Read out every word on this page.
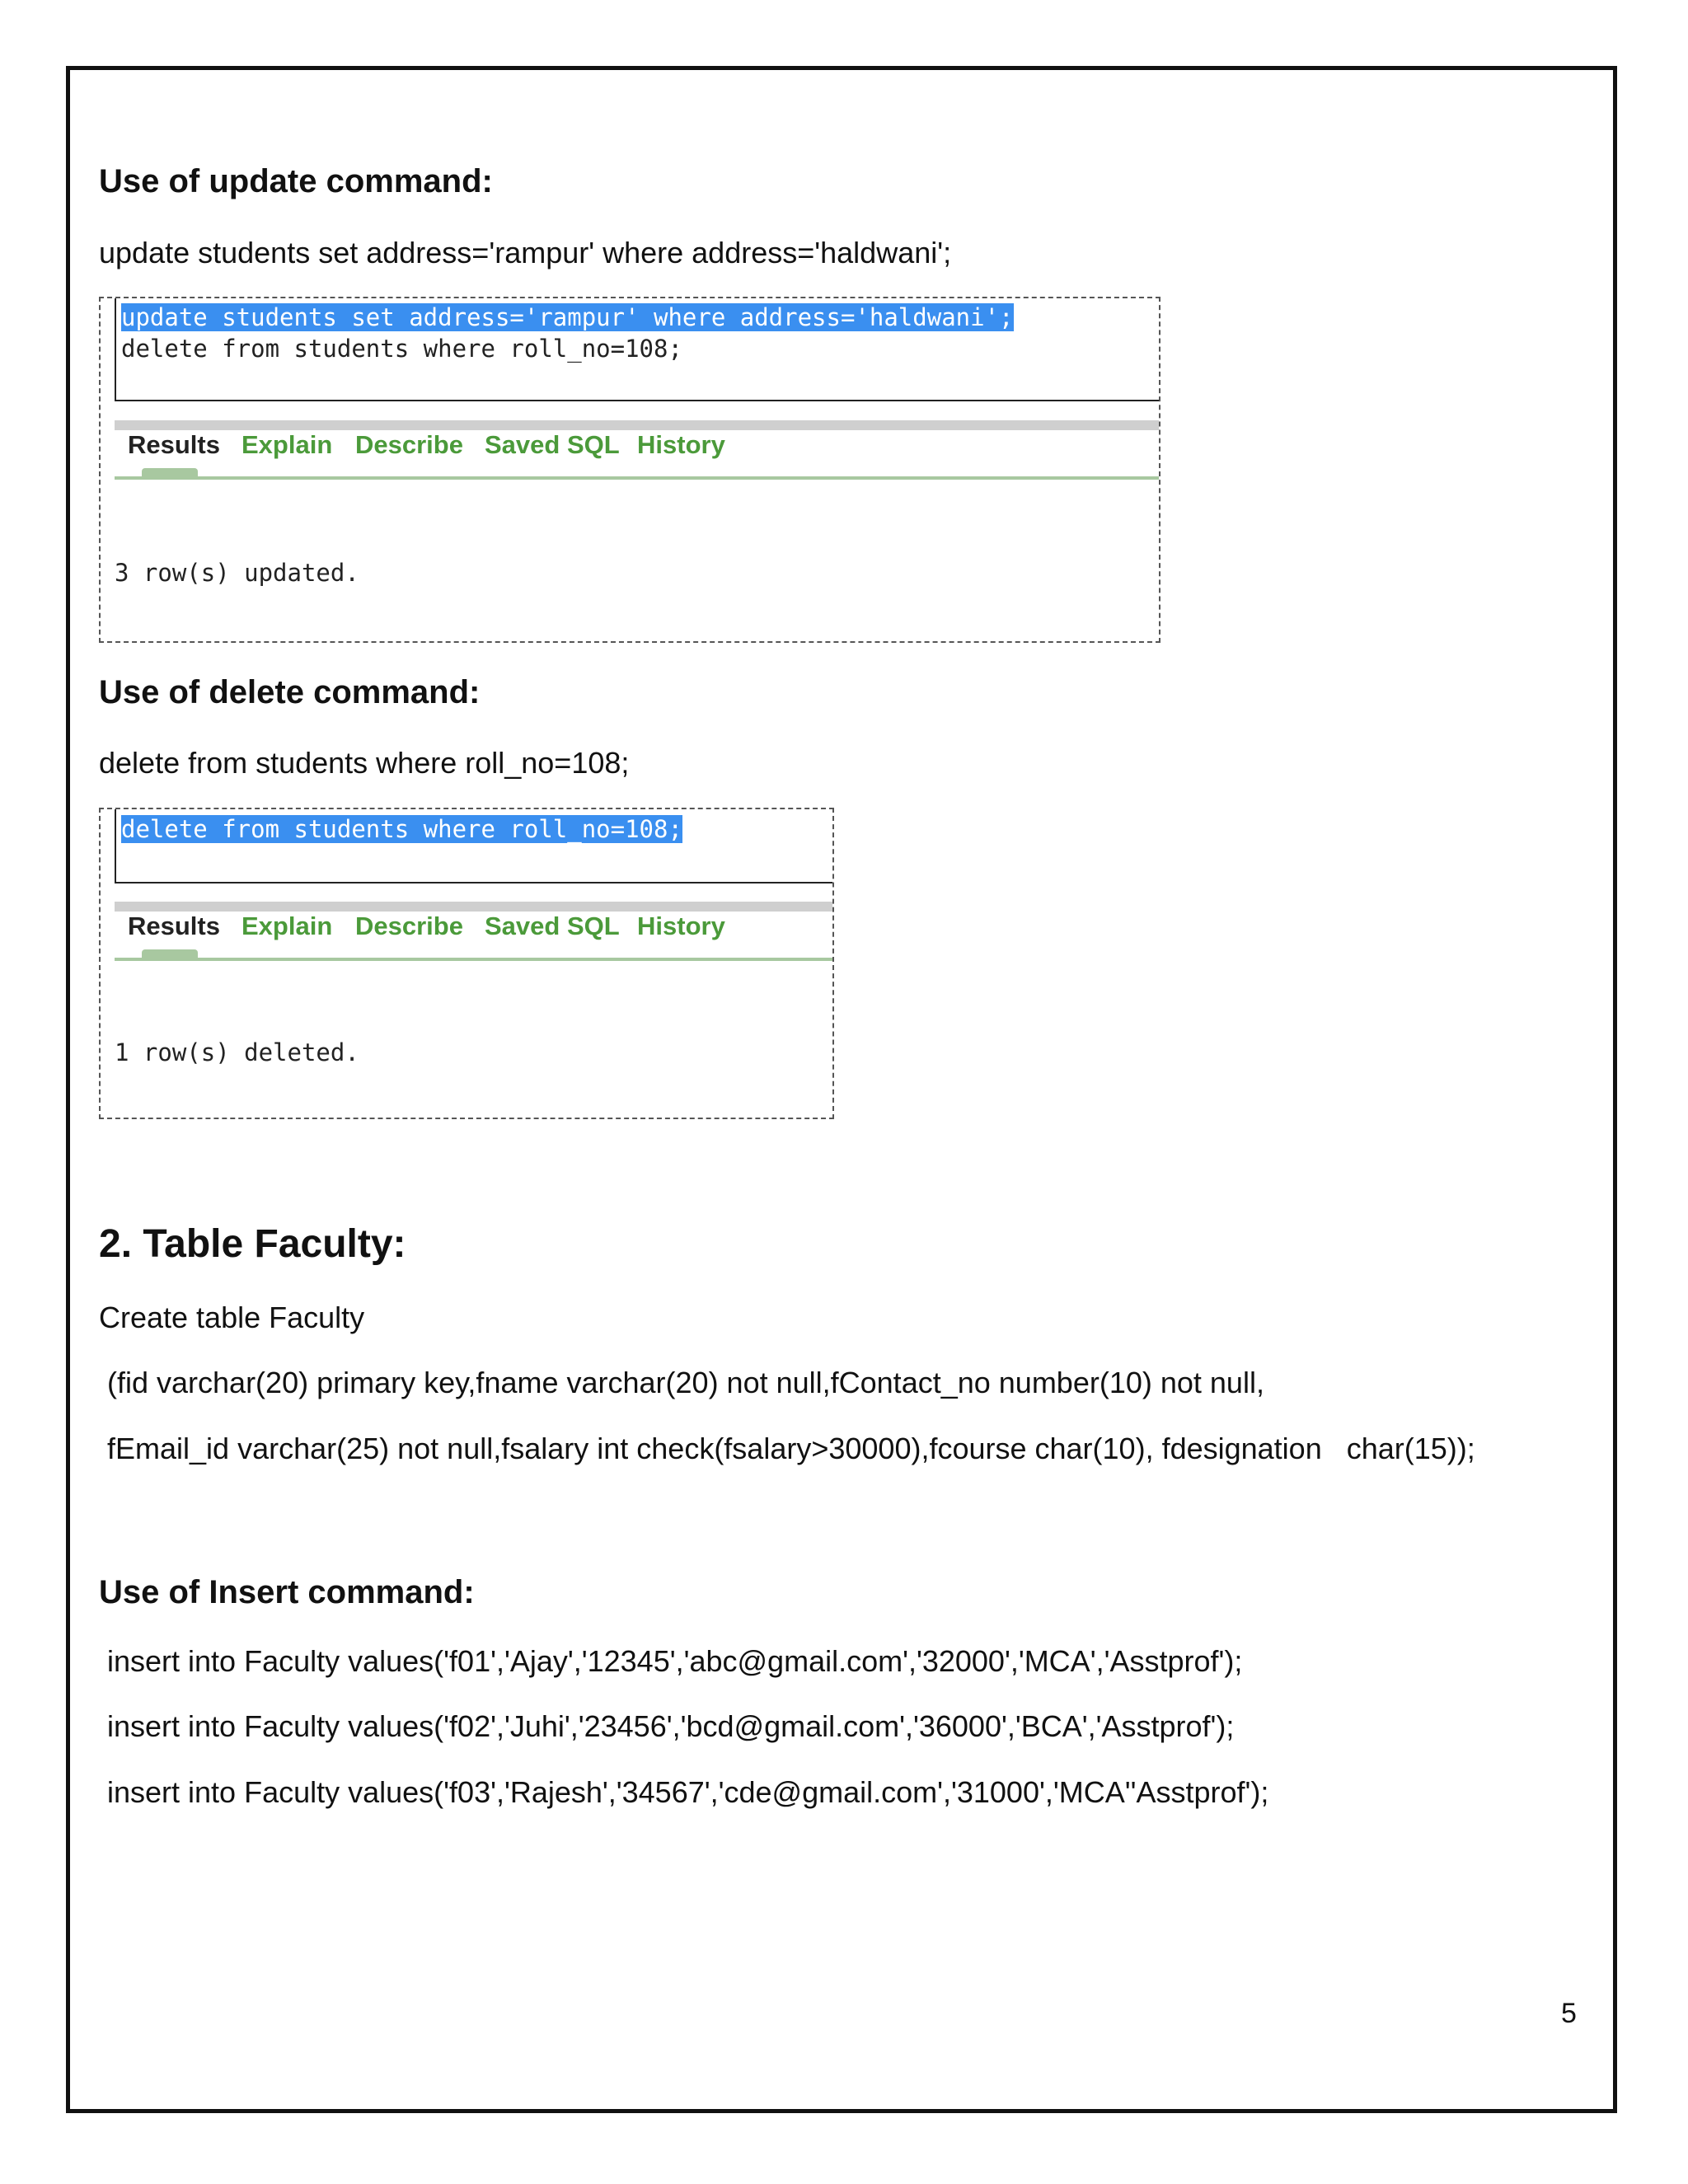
Use of update command:
update students set address='rampur' where address='haldwani';
update students set address='rampur' where address='haldwani';
delete from students where roll_no=108;
Results Explain Describe Saved SQL History
3 row(s) updated.
Use of delete command:
delete from students where roll_no=108;
delete from students where roll_no=108;
Results Explain Describe Saved SQL History
1 row(s) deleted.
2. Table Faculty:
Create table Faculty
(fid varchar(20) primary key,fname varchar(20) not null,fContact_no number(10) not null,
fEmail_id varchar(25) not null,fsalary int check(fsalary>30000),fcourse char(10), fdesignation   char(15));
Use of Insert command:
insert into Faculty values('f01','Ajay','12345','abc@gmail.com','32000','MCA','Asstprof');
insert into Faculty values('f02','Juhi','23456','bcd@gmail.com','36000','BCA','Asstprof');
insert into Faculty values('f03','Rajesh','34567','cde@gmail.com','31000','MCA''Asstprof');
5
